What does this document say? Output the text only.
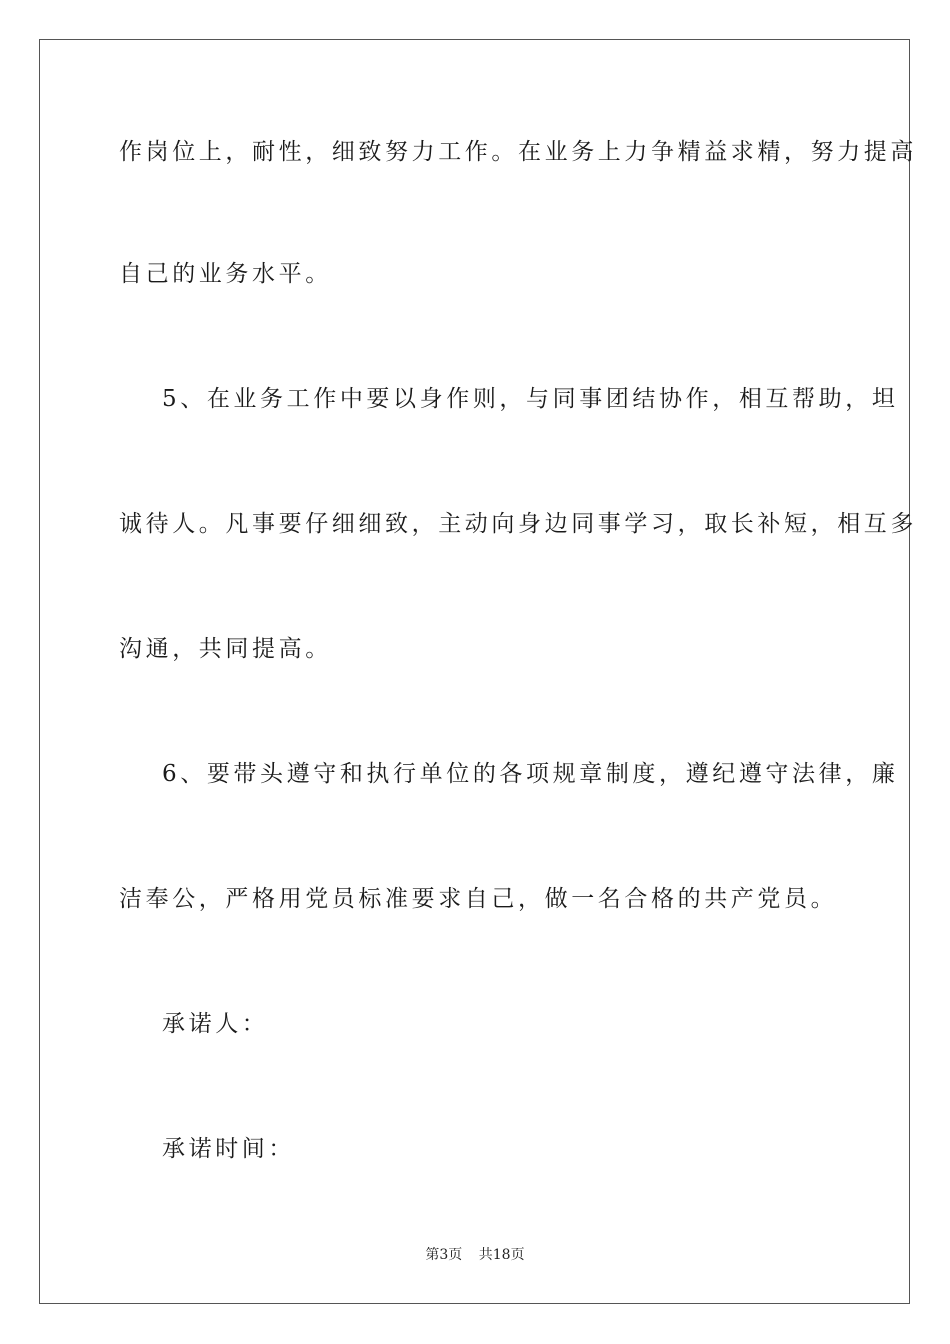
作岗位上，耐性，细致努力工作。在业务上力争精益求精，努力提高
自己的业务水平。
5、在业务工作中要以身作则，与同事团结协作，相互帮助，坦
诚待人。凡事要仔细细致，主动向身边同事学习，取长补短，相互多
沟通，共同提高。
6、要带头遵守和执行单位的各项规章制度，遵纪遵守法律，廉
洁奉公，严格用党员标准要求自己，做一名合格的共产党员。
承诺人：
承诺时间：
第3页 共18页
